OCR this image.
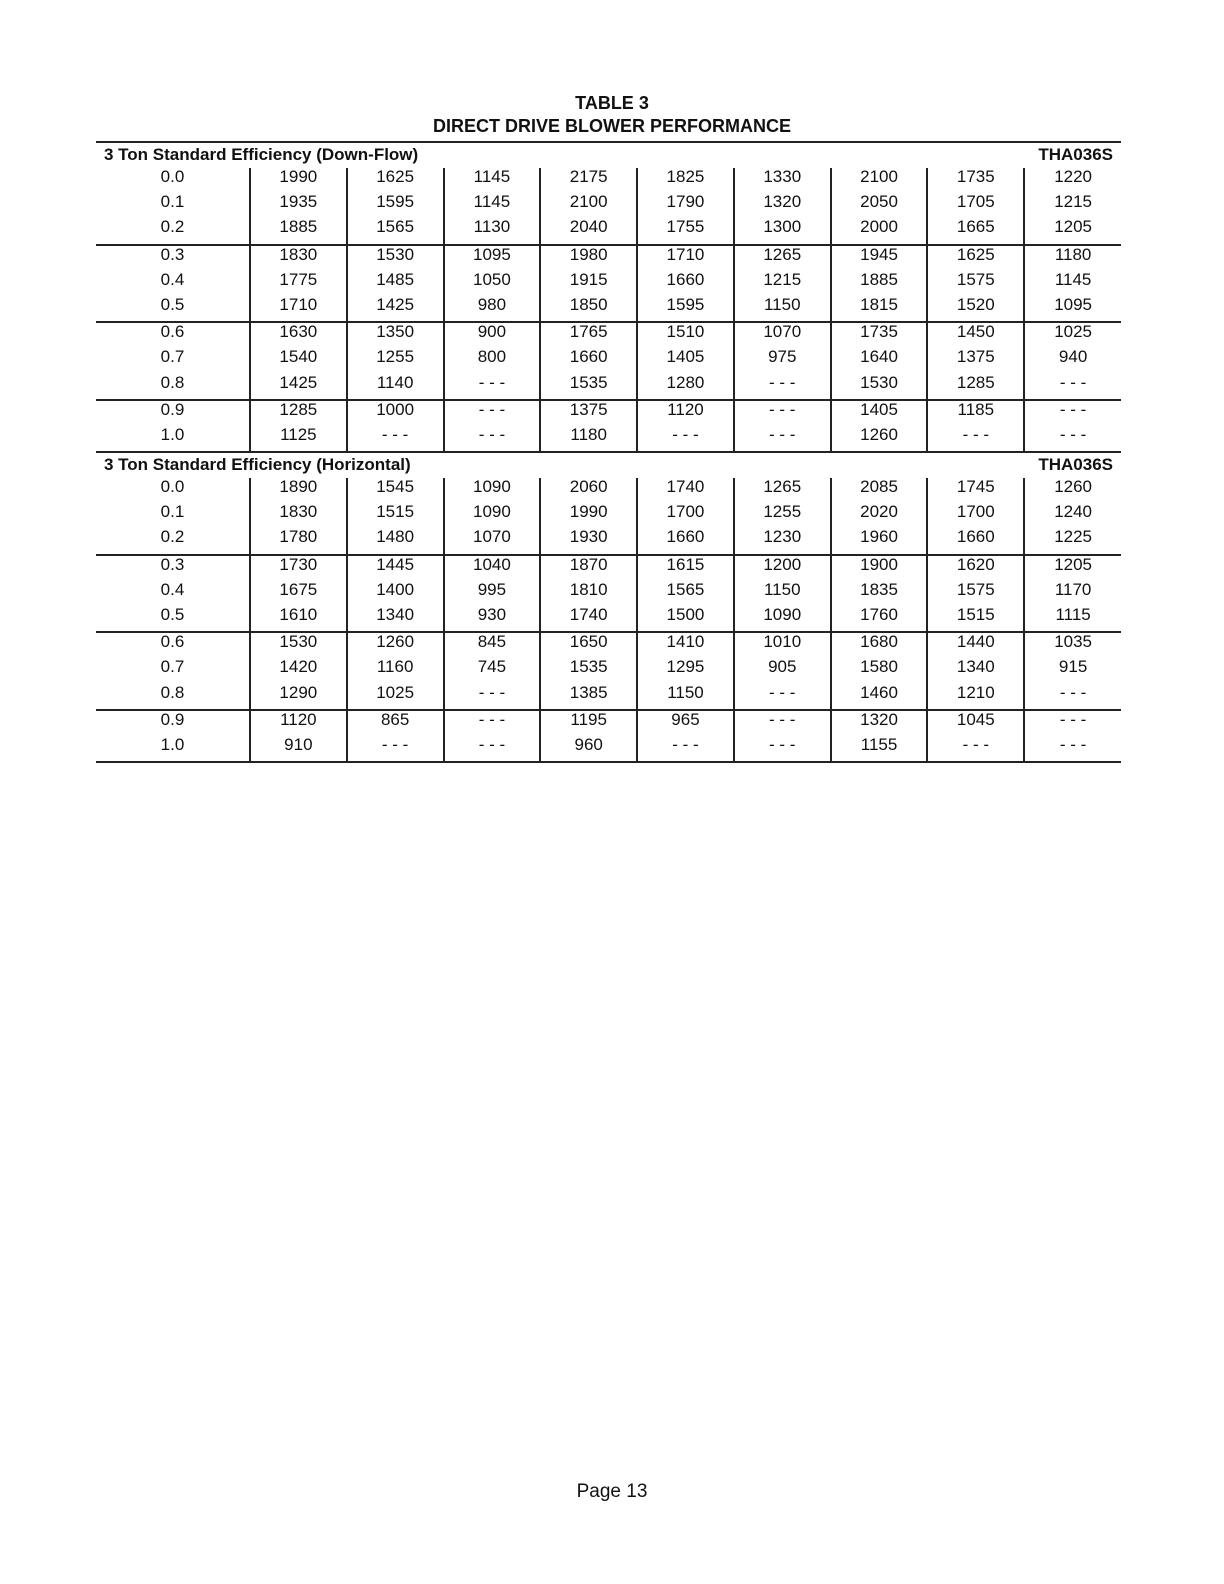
TABLE 3
DIRECT DRIVE BLOWER PERFORMANCE
THA036S
3 Ton Standard Efficiency (Down-Flow)									
0.0	1990	1625	1145	2175	1825	1330	2100	1735	1220
0.1	1935	1595	1145	2100	1790	1320	2050	1705	1215
0.2	1885	1565	1130	2040	1755	1300	2000	1665	1205
0.3	1830	1530	1095	1980	1710	1265	1945	1625	1180
0.4	1775	1485	1050	1915	1660	1215	1885	1575	1145
0.5	1710	1425	980	1850	1595	1150	1815	1520	1095
0.6	1630	1350	900	1765	1510	1070	1735	1450	1025
0.7	1540	1255	800	1660	1405	975	1640	1375	940
0.8	1425	1140	- - -	1535	1280	- - -	1530	1285	- - -
0.9	1285	1000	- - -	1375	1120	- - -	1405	1185	- - -
1.0	1125	- - -	- - -	1180	- - -	- - -	1260	- - -	- - -

THA036S
3 Ton Standard Efficiency (Horizontal)									
0.0	1890	1545	1090	2060	1740	1265	2085	1745	1260
0.1	1830	1515	1090	1990	1700	1255	2020	1700	1240
0.2	1780	1480	1070	1930	1660	1230	1960	1660	1225
0.3	1730	1445	1040	1870	1615	1200	1900	1620	1205
0.4	1675	1400	995	1810	1565	1150	1835	1575	1170
0.5	1610	1340	930	1740	1500	1090	1760	1515	1115
0.6	1530	1260	845	1650	1410	1010	1680	1440	1035
0.7	1420	1160	745	1535	1295	905	1580	1340	915
0.8	1290	1025	- - -	1385	1150	- - -	1460	1210	- - -
0.9	1120	865	- - -	1195	965	- - -	1320	1045	- - -
1.0	910	- - -	- - -	960	- - -	- - -	1155	- - -	- - -
Page 13
